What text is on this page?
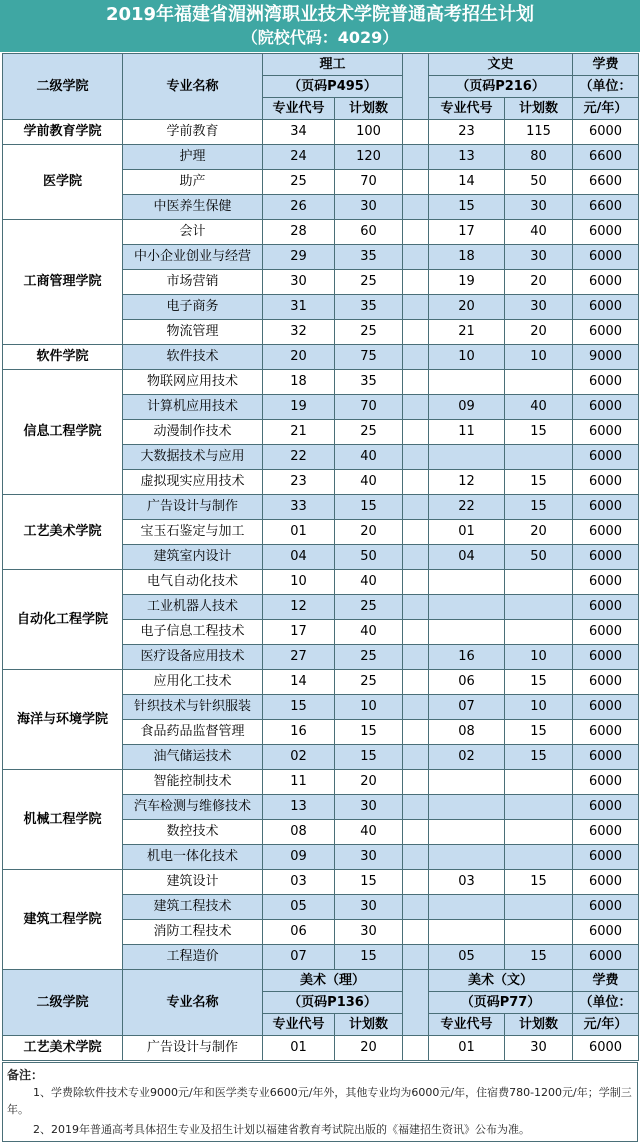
2019年福建省湄洲湾职业技术学院普通高考招生计划
（院校代码：4029）
二级学院	专业名称	理工			文史		学费
		（页码P495）			（页码P216）		（单位：
		专业代号	计划数		专业代号	计划数	元/年）
学前教育学院	学前教育	34	100		23	115	6000
医学院	护理	24	120		13	80	6600
	助产	25	70		14	50	6600
	中医养生保健	26	30		15	30	6600
工商管理学院	会计	28	60		17	40	6000
	中小企业创业与经营	29	35		18	30	6000
	市场营销	30	25		19	20	6000
	电子商务	31	35		20	30	6000
	物流管理	32	25		21	20	6000
软件学院	软件技术	20	75		10	10	9000
信息工程学院	物联网应用技术	18	35				6000
	计算机应用技术	19	70		09	40	6000
	动漫制作技术	21	25		11	15	6000
	大数据技术与应用	22	40				6000
	虚拟现实应用技术	23	40		12	15	6000
工艺美术学院	广告设计与制作	33	15		22	15	6000
	宝玉石鉴定与加工	01	20		01	20	6000
	建筑室内设计	04	50		04	50	6000
自动化工程学院	电气自动化技术	10	40				6000
	工业机器人技术	12	25				6000
	电子信息工程技术	17	40				6000
	医疗设备应用技术	27	25		16	10	6000
海洋与环境学院	应用化工技术	14	25		06	15	6000
	针织技术与针织服装	15	10		07	10	6000
	食品药品监督管理	16	15		08	15	6000
	油气储运技术	02	15		02	15	6000
机械工程学院	智能控制技术	11	20				6000
	汽车检测与维修技术	13	30				6000
	数控技术	08	40				6000
	机电一体化技术	09	30				6000
建筑工程学院	建筑设计	03	15		03	15	6000
	建筑工程技术	05	30				6000
	消防工程技术	06	30				6000
	工程造价	07	15		05	15	6000
二级学院	专业名称	美术（理）			美术（文）		学费
		（页码P136）			（页码P77）		（单位：
		专业代号	计划数		专业代号	计划数	元/年）
工艺美术学院	广告设计与制作	01	20		01	30	6000
备注：
1、学费除软件技术专业9000元/年和医学类专业6600元/年外，其他专业均为6000元/年，住宿费780-1200元/年；学制三年。
2、2019年普通高考具体招生专业及招生计划以福建省教育考试院出版的《福建招生资讯》公布为准。
